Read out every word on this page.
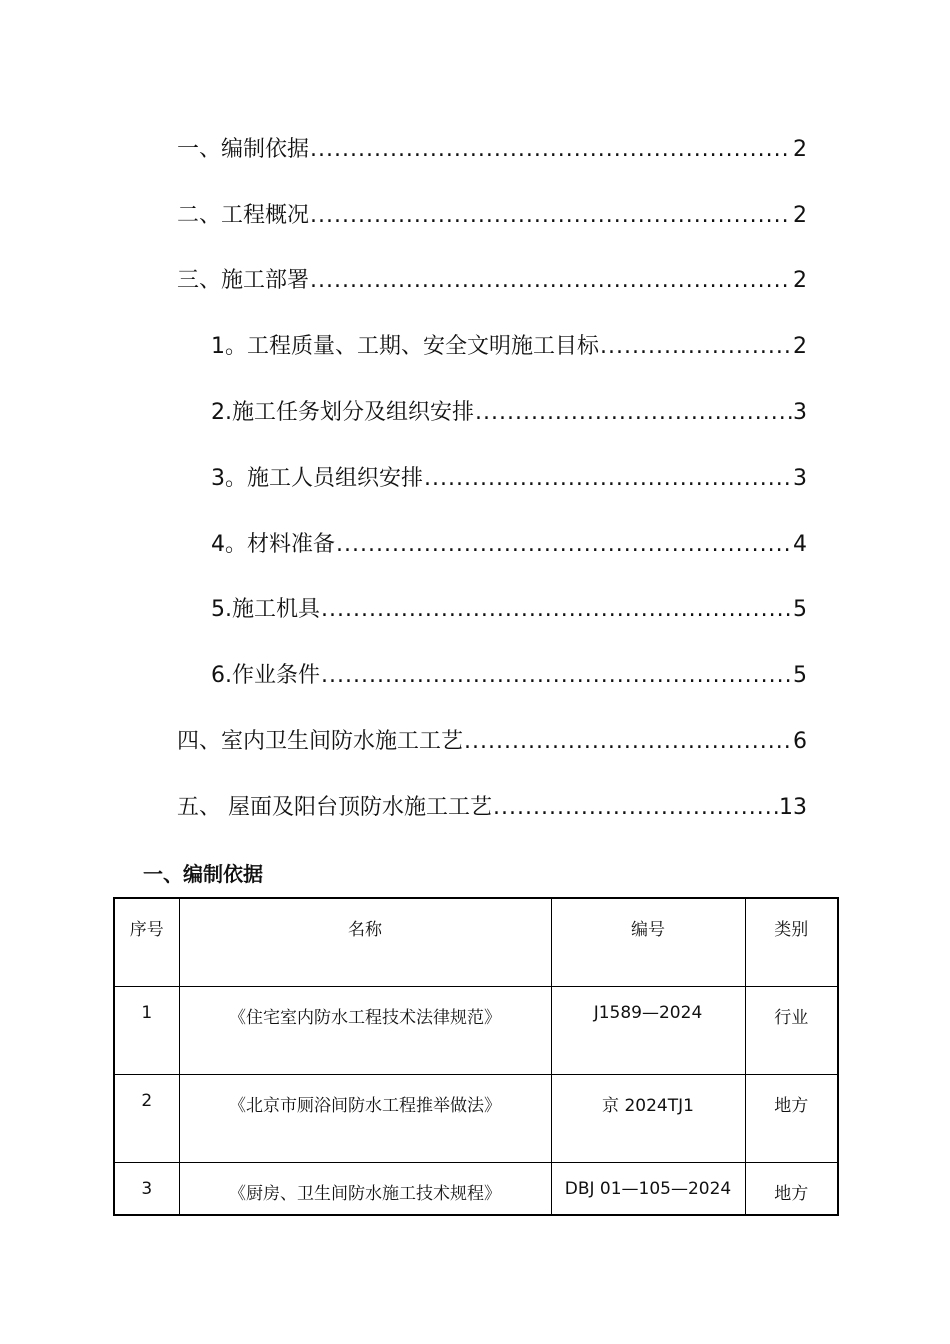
一、编制依据 .....	2
二、工程概况 .....	2
三、施工部署 .....	2
1。工程质量、工期、安全文明施工目标 .....	2
2.施工任务划分及组织安排 .....	3
3。施工人员组织安排 .....	3
4。材料准备 .....	4
5.施工机具 .....	5
6.作业条件 .....	5
四、室内卫生间防水施工工艺 .....	6
五、 屋面及阳台顶防水施工工艺 .....	13
一、编制依据
序号	名称	编号	类别
1	《住宅室内防水工程技术法律规范》	J1589—2024	行业
2	《北京市厕浴间防水工程推举做法》	京 2024TJ1	地方
3	《厨房、卫生间防水施工技术规程》	DBJ 01—105—2024	地方
